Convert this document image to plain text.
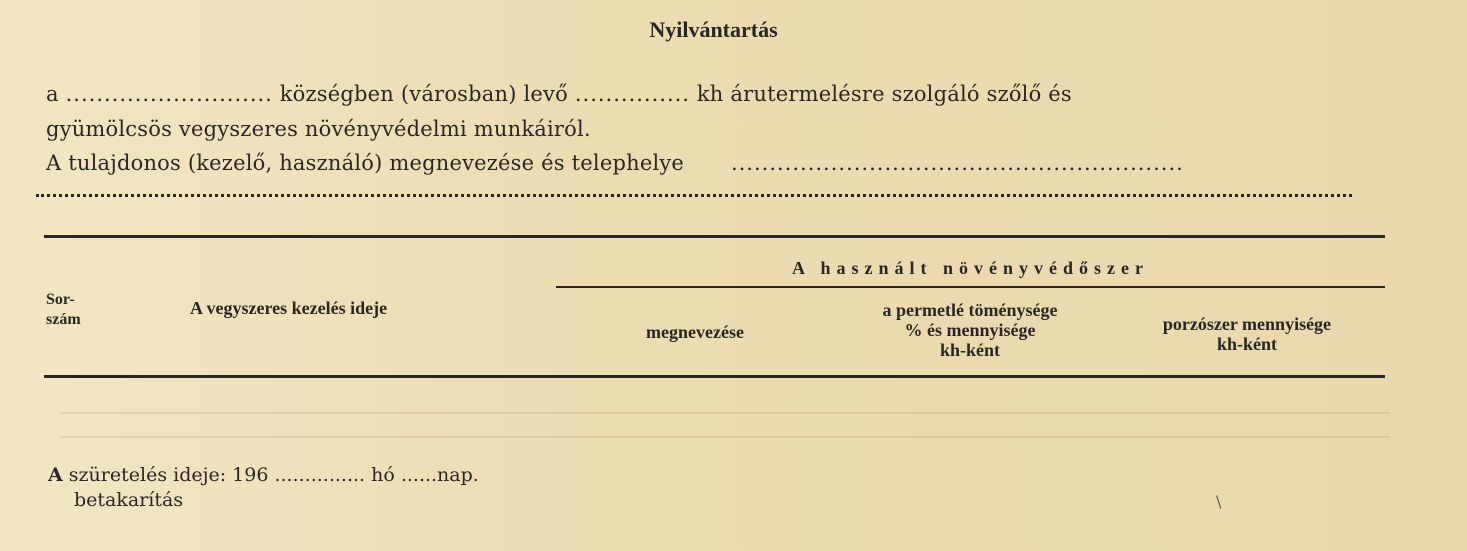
Nyilvántartás
a ........................... községben (városban) levő ............... kh árutermelésre szolgáló szőlő és
gyümölcsös vegyszeres növényvédelmi munkáiról.
A tulajdonos (kezelő, használó) megnevezése és telephelye ...........................................................
Sor-
szám
A vegyszeres kezelés ideje
A használt növényvédőszer
megnevezése
a permetlé töménysége
% és mennyisége
kh-ként
porzószer mennyisége
kh-ként
A szüretelés ideje: 196 ............... hó ......nap.
betakarítás	\
